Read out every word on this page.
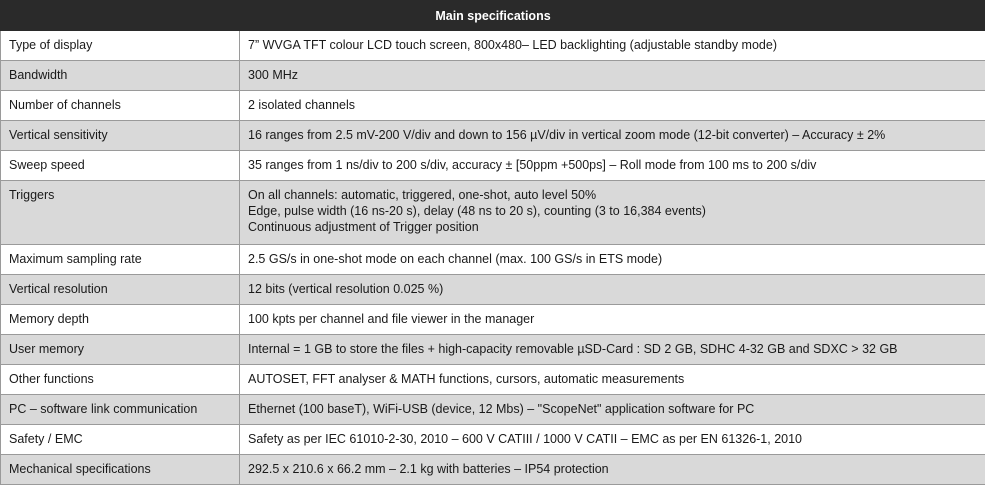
Main specifications	
Type of display	7” WVGA TFT colour LCD touch screen, 800x480– LED backlighting (adjustable standby mode)

Bandwidth	300 MHz

Number of channels	2 isolated channels

Vertical sensitivity	16 ranges from 2.5 mV-200 V/div and down to 156 µV/div in vertical zoom mode (12-bit converter) – Accuracy ± 2%

Sweep speed	35 ranges from 1 ns/div to 200 s/div, accuracy ± [50ppm +500ps] – Roll mode from 100 ms to 200 s/div

Triggers	On all channels: automatic, triggered, one-shot, auto level 50%
Edge, pulse width (16 ns-20 s), delay (48 ns to 20 s), counting (3 to 16,384 events)
Continuous adjustment of Trigger position

Maximum sampling rate	2.5 GS/s in one-shot mode on each channel (max. 100 GS/s in ETS mode)

Vertical resolution	12 bits (vertical resolution 0.025 %)

Memory depth	100 kpts per channel and file viewer in the manager

User memory	Internal = 1 GB to store the files + high-capacity removable µSD-Card : SD 2 GB, SDHC 4-32 GB and SDXC > 32 GB

Other functions	AUTOSET, FFT analyser & MATH functions, cursors, automatic measurements

PC – software link communication	Ethernet (100 baseT), WiFi-USB (device, 12 Mbs) – "ScopeNet" application software for PC

Safety / EMC	Safety as per IEC 61010-2-30, 2010 – 600 V CATIII / 1000 V CATII – EMC as per EN 61326-1, 2010

Mechanical specifications	292.5 x 210.6 x 66.2 mm – 2.1 kg with batteries – IP54 protection
